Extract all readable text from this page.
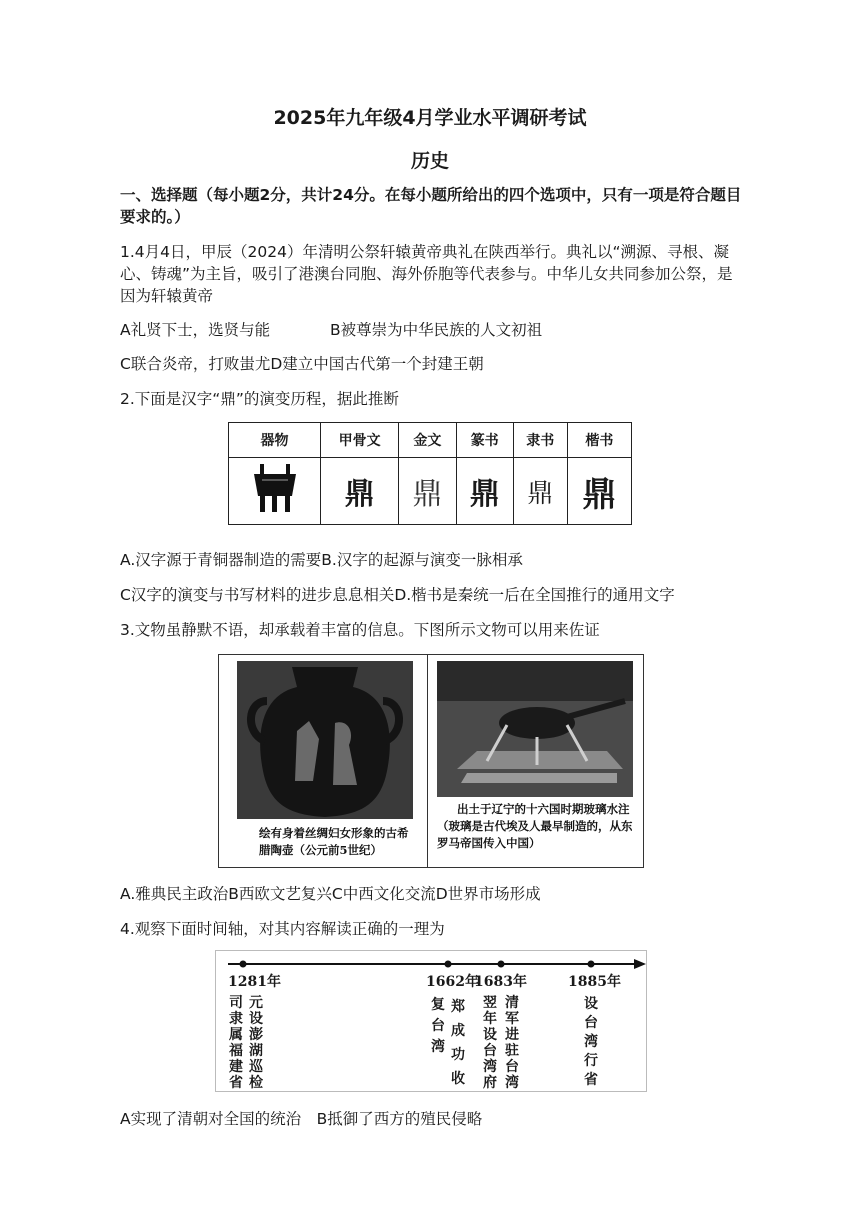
2025年九年级4月学业水平调研考试
历史
一、选择题（每小题2分，共计24分。在每小题所给出的四个选项中，只有一项是符合题目要求的。）
1.4月4日，甲辰（2024）年清明公祭轩辕黄帝典礼在陕西举行。典礼以“溯源、寻根、凝心、铸魂”为主旨，吸引了港澳台同胞、海外侨胞等代表参与。中华儿女共同参加公祭，是因为轩辕黄帝
A礼贤下士，选贤与能	B被尊崇为中华民族的人文初祖
C联合炎帝，打败蚩尤D建立中国古代第一个封建王朝
2.下面是汉字“鼎”的演变历程，据此推断
器物	甲骨文	金文	篆书	隶书	楷书
	鼎	鼎	鼎	鼎	鼎
A.汉字源于青铜器制造的需要B.汉字的起源与演变一脉相承
C汉字的演变与书写材料的进步息息相关D.楷书是秦统一后在全国推行的通用文字
3.文物虽静默不语，却承载着丰富的信息。下图所示文物可以用来佐证
绘有身着丝绸妇女形象的古希腊陶壶（公元前5世纪）
出土于辽宁的十六国时期玻璃水注（玻璃是古代埃及人最早制造的，从东罗马帝国传入中国）
A.雅典民主政治B西欧文艺复兴C中西文化交流D世界市场形成
4.观察下面时间轴，对其内容解读正确的一理为
1281年	1662年
1683年	1885年
司隶属福建省
元设澎湖巡检
复台湾
郑成功收
翌年设台湾府
清军进驻台湾
设台湾行省
A实现了清朝对全国的统治　B抵御了西方的殖民侵略
